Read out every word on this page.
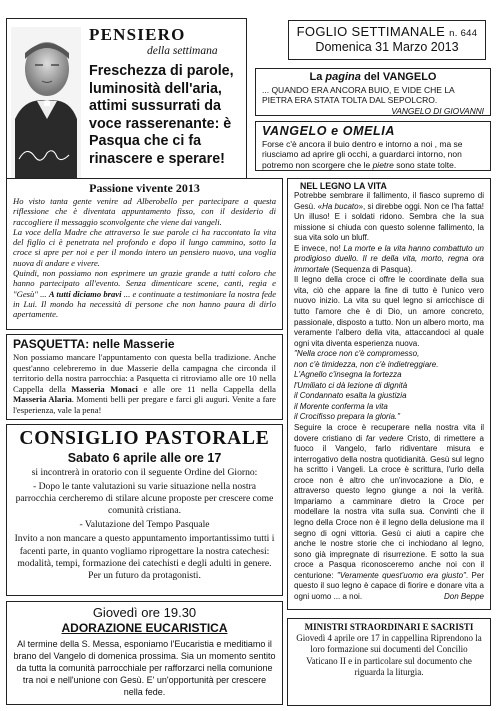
PENSIERO
della settimana
Freschezza di parole, luminosità dell'aria, attimi sussurrati da voce rasserenante: è Pasqua che ci fa rinascere e sperare!
FOGLIO SETTIMANALE n. 644
Domenica 31 Marzo 2013
La pagina del VANGELO
... QUANDO ERA ANCORA BUIO, E VIDE CHE LA PIETRA ERA STATA TOLTA DAL SEPOLCRO.
VANGELO DI GIOVANNI
VANGELO e OMELIA
Forse c'è ancora il buio dentro e intorno a noi , ma se riusciamo ad aprire gli occhi, a guardarci intorno, non potremo non scorgere che le pietre sono state tolte.
Passione vivente 2013

Ho visto tanta gente venire ad Alberobello per partecipare a questa riflessione che è diventata appuntamento fisso, con il desiderio di raccogliere il messaggio sconvolgente che viene dai vangeli.

La voce della Madre che attraverso le sue parole ci ha raccontato la vita del figlio ci è penetrata nel profondo e dopo il lungo cammino, sotto la croce si apre per noi e per il mondo intero un pensiero nuovo, una voglia nuova di andare e vivere.

Quindi, non possiamo non esprimere un grazie grande a tutti coloro che hanno partecipato all'evento. Senza dimenticare scene, canti, regia e "Gesù" ... A tutti diciamo bravi ... e continuate a testimoniare la nostra fede in Lui. Il mondo ha necessità di persone che non hanno paura di dirlo apertamente.

PASQUETTA: nelle Masserie

Non possiamo mancare l'appuntamento con questa bella tradizione. Anche quest'anno celebreremo in due Masserie della campagna che circonda il territorio della nostra parrocchia: a Pasquetta ci ritroviamo alle ore 10 nella Cappella della Masseria Monaci e alle ore 11 nella Cappella della Masseria Alaria. Momenti belli per pregare e farci gli auguri. Venite a fare l'esperienza, vale la pena!

CONSIGLIO PASTORALE
Sabato 6 aprile alle ore 17

si incontrerà in oratorio con il seguente Ordine del Giorno:

- Dopo le tante valutazioni su varie situazione nella nostra parrocchia cercheremo di stilare alcune proposte per crescere come comunità cristiana.

- Valutazione del Tempo Pasquale

Invito a non mancare a questo appuntamento importantissimo tutti i facenti parte, in quanto vogliamo riprogettare la nostra catechesi: modalità, tempi, formazione dei catechisti e degli adulti in genere. Per un futuro da protagonisti.

Giovedì ore 19.30
ADORAZIONE EUCARISTICA

Al termine della S. Messa, esponiamo l'Eucaristia e meditiamo il brano del Vangelo di domenica prossima. Sia un momento sentito da tutta la comunità parrocchiale per rafforzarci nella comunione tra noi e nell'unione con Gesù. E' un'opportunità per crescere nella fede.

NEL LEGNO LA VITA

Potrebbe sembrare il fallimento, il fiasco supremo di Gesù. «Ha bucato», si direbbe oggi. Non ce l'ha fatta! Un illuso! E i soldati ridono. Sembra che la sua missione si chiuda con questo solenne fallimento, la sua vita solo un bluff.

E invece, no! La morte e la vita hanno combattuto un prodigioso duello. Il re della vita, morto, regna ora immortale (Sequenza di Pasqua).

Il legno della croce ci offre le coordinate della sua vita, ciò che appare la fine di tutto è l'unico vero nuovo inizio. La vita su quel legno si arricchisce di tutto l'amore che è di Dio, un amore concreto, passionale, disposto a tutto. Non un albero morto, ma veramente l'albero della vita, attaccandoci al quale ogni vita diventa esperienza nuova.

"Nella croce non c'è compromesso,
non c'è timidezza, non c'è indietreggiare.
L'Agnello c'insegna la fortezza
l'Umiliato ci dà lezione di dignità
il Condannato esalta la giustizia
il Morente conferma la vita
il Crocifisso prepara la gloria."

Seguire la croce è recuperare nella nostra vita il dovere cristiano di far vedere Cristo, di rimettere a fuoco il Vangelo, farlo ridiventare misura e interrogativo della nostra quotidianità. Gesù sul legno ha scritto i Vangeli. La croce è scrittura, l'urlo della croce non è altro che un'invocazione a Dio, e attraverso questo legno giunge a noi la verità. Impariamo a camminare dietro la Croce per modellare la nostra vita sulla sua. Convinti che il legno della Croce non è il legno della delusione ma il segno di ogni vittoria. Gesù ci aiuti a capire che anche le nostre storie che ci inchiodano al legno, sono già impregnate di risurrezione. E sotto la sua croce a Pasqua riconosceremo anche noi con il centurione: "Veramente quest'uomo era giusto". Per questo il suo legno è capace di fiorire e donare vita a ogni uomo ... a noi.	Don Beppe

MINISTRI STRAORDINARI E SACRISTI

Giovedì 4 aprile ore 17 in cappellina Riprendono la loro formazione sui documenti del Concilio Vaticano II e in particolare sul documento che riguarda la liturgia.
